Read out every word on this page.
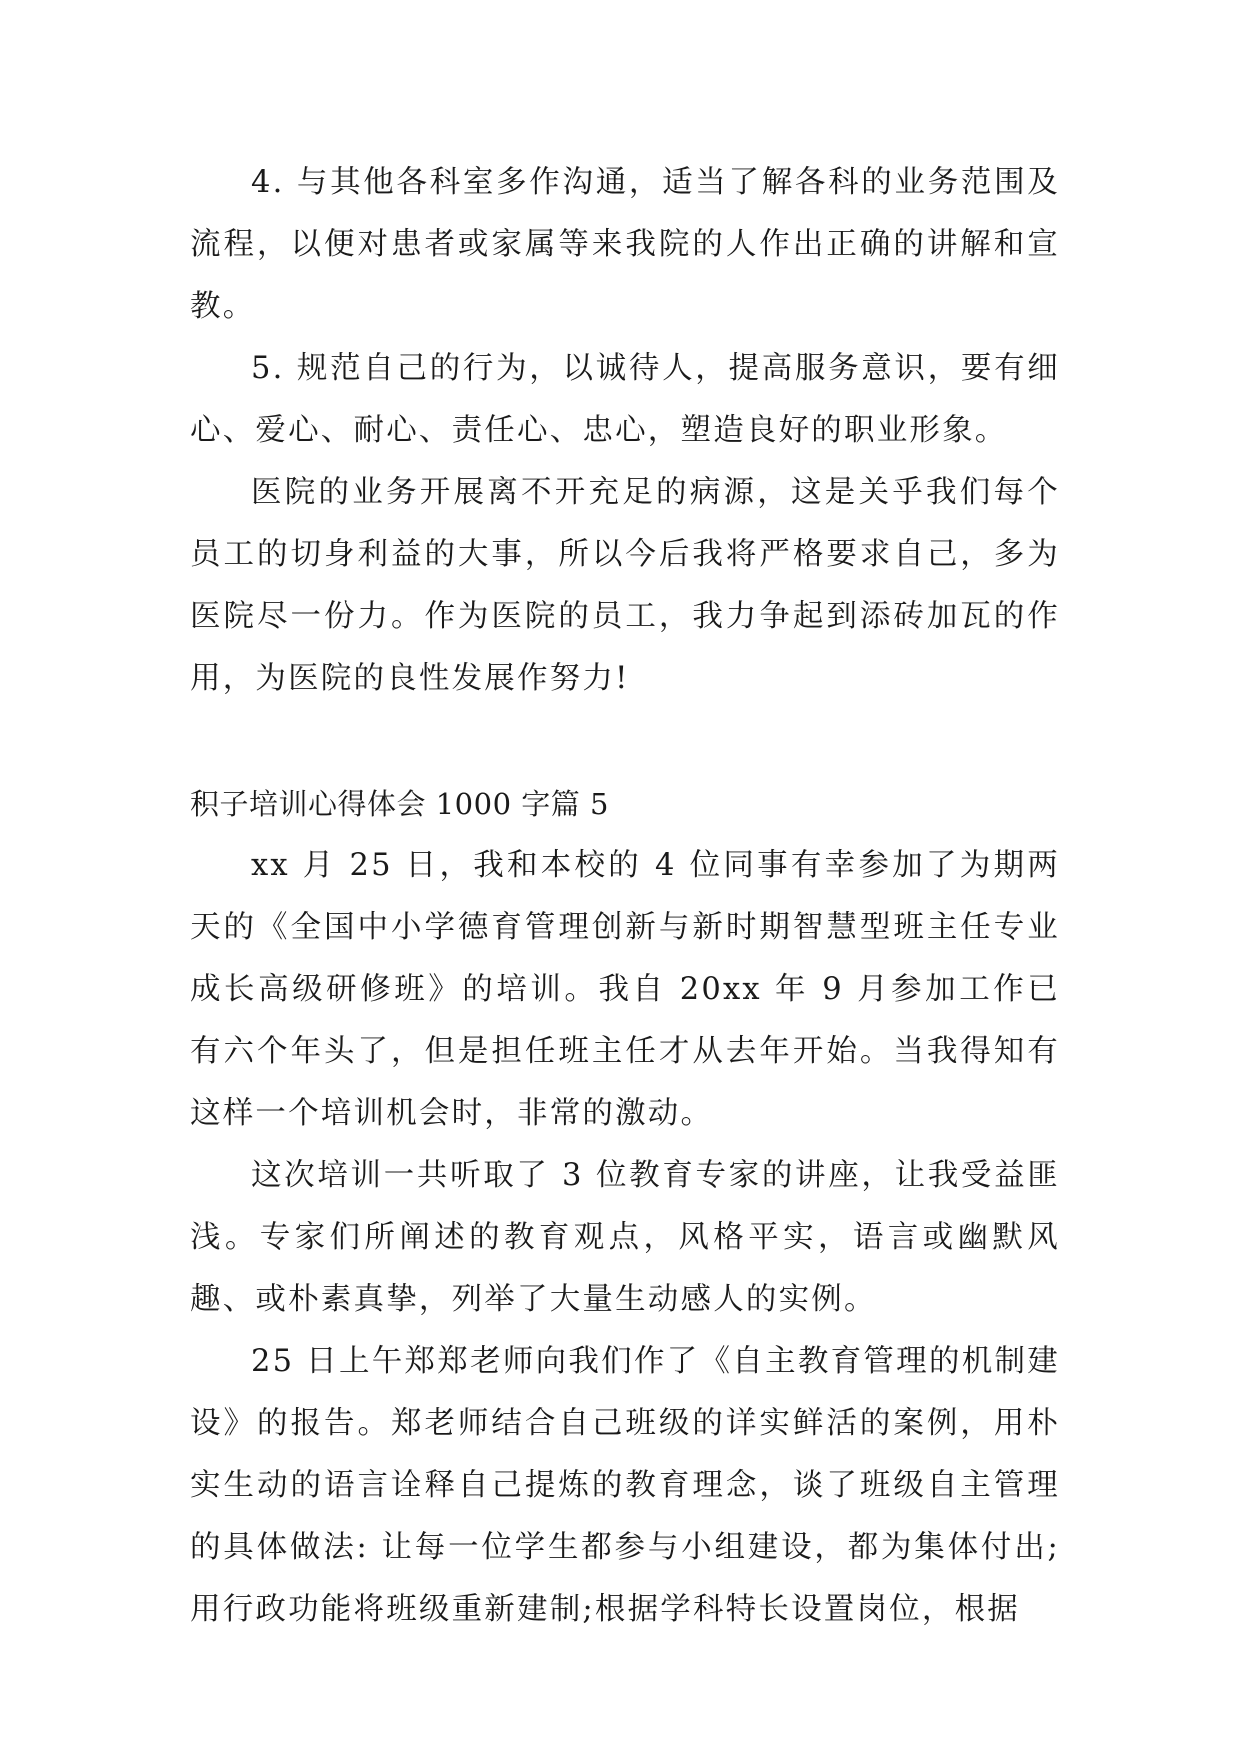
4. 与其他各科室多作沟通，适当了解各科的业务范围及流程，以便对患者或家属等来我院的人作出正确的讲解和宣教。

5. 规范自己的行为，以诚待人，提高服务意识，要有细心、爱心、耐心、责任心、忠心，塑造良好的职业形象。

医院的业务开展离不开充足的病源，这是关乎我们每个员工的切身利益的大事，所以今后我将严格要求自己，多为医院尽一份力。作为医院的员工，我力争起到添砖加瓦的作用，为医院的良性发展作努力!

积子培训心得体会 1000 字篇 5

xx 月 25 日，我和本校的 4 位同事有幸参加了为期两天的《全国中小学德育管理创新与新时期智慧型班主任专业成长高级研修班》的培训。我自 20xx 年 9 月参加工作已有六个年头了，但是担任班主任才从去年开始。当我得知有这样一个培训机会时，非常的激动。

这次培训一共听取了 3 位教育专家的讲座，让我受益匪浅。专家们所阐述的教育观点，风格平实，语言或幽默风趣、或朴素真挚，列举了大量生动感人的实例。

25 日上午郑郑老师向我们作了《自主教育管理的机制建设》的报告。郑老师结合自己班级的详实鲜活的案例，用朴实生动的语言诠释自己提炼的教育理念，谈了班级自主管理的具体做法: 让每一位学生都参与小组建设，都为集体付出;用行政功能将班级重新建制;根据学科特长设置岗位，根据
